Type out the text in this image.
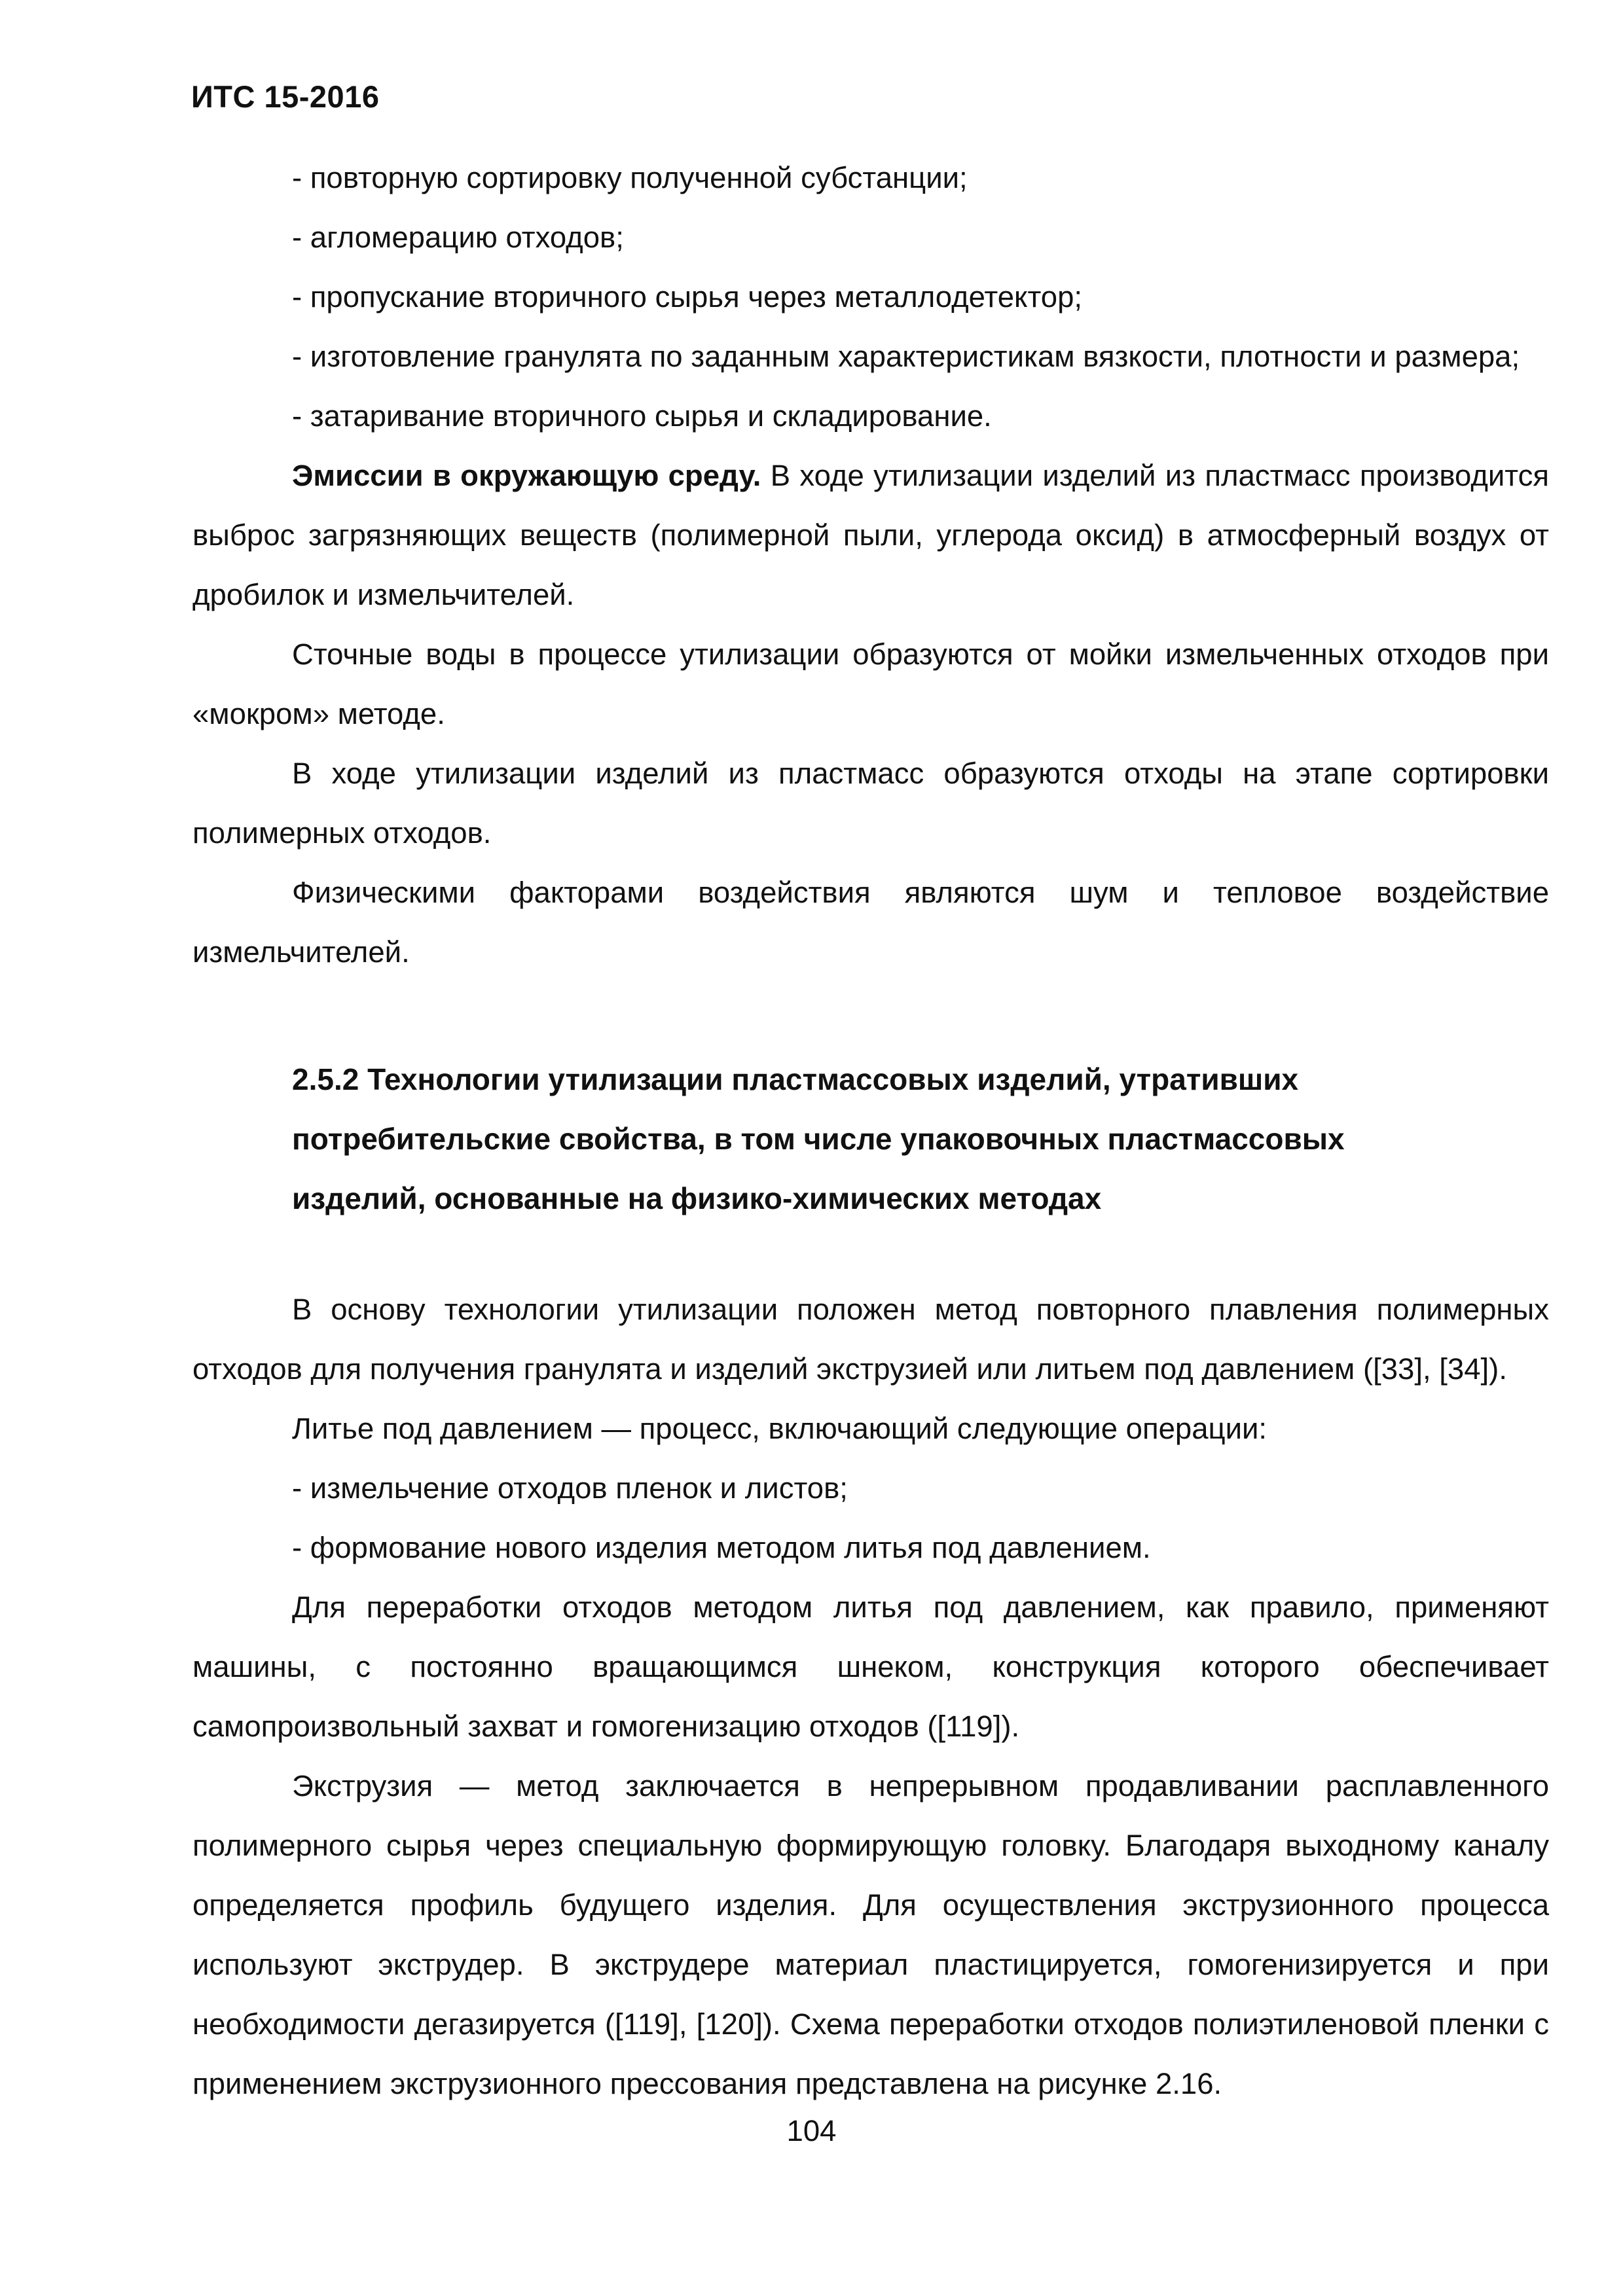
ИТС 15-2016

- повторную сортировку полученной субстанции;

- агломерацию отходов;

- пропускание вторичного сырья через металлодетектор;

- изготовление гранулята по заданным характеристикам вязкости, плотности и размера;

- затаривание вторичного сырья и складирование.

Эмиссии в окружающую среду. В ходе утилизации изделий из пластмасс производится выброс загрязняющих веществ (полимерной пыли, углерода оксид) в атмосферный воздух от дробилок и измельчителей.

Сточные воды в процессе утилизации образуются от мойки измельченных отходов при «мокром» методе.

В ходе утилизации изделий из пластмасс образуются отходы на этапе сортировки полимерных отходов.

Физическими факторами воздействия являются шум и тепловое воздействие измельчителей.

2.5.2 Технологии утилизации пластмассовых изделий, утративших
потребительские свойства, в том числе упаковочных пластмассовых
изделий, основанные на физико-химических методах

В основу технологии утилизации положен метод повторного плавления полимерных отходов для получения гранулята и изделий экструзией или литьем под давлением ([33], [34]).

Литье под давлением — процесс, включающий следующие операции:

- измельчение отходов пленок и листов;

- формование нового изделия методом литья под давлением.

Для переработки отходов методом литья под давлением, как правило, применяют машины, с постоянно вращающимся шнеком, конструкция которого обеспечивает самопроизвольный захват и гомогенизацию отходов ([119]).

Экструзия — метод заключается в непрерывном продавливании расплавленного полимерного сырья через специальную формирующую головку. Благодаря выходному каналу определяется профиль будущего изделия. Для осуществления экструзионного процесса используют экструдер. В экструдере материал пластицируется, гомогенизируется и при необходимости дегазируется ([119], [120]). Схема переработки отходов полиэтиленовой пленки с применением экструзионного прессования представлена на рисунке 2.16.

104
